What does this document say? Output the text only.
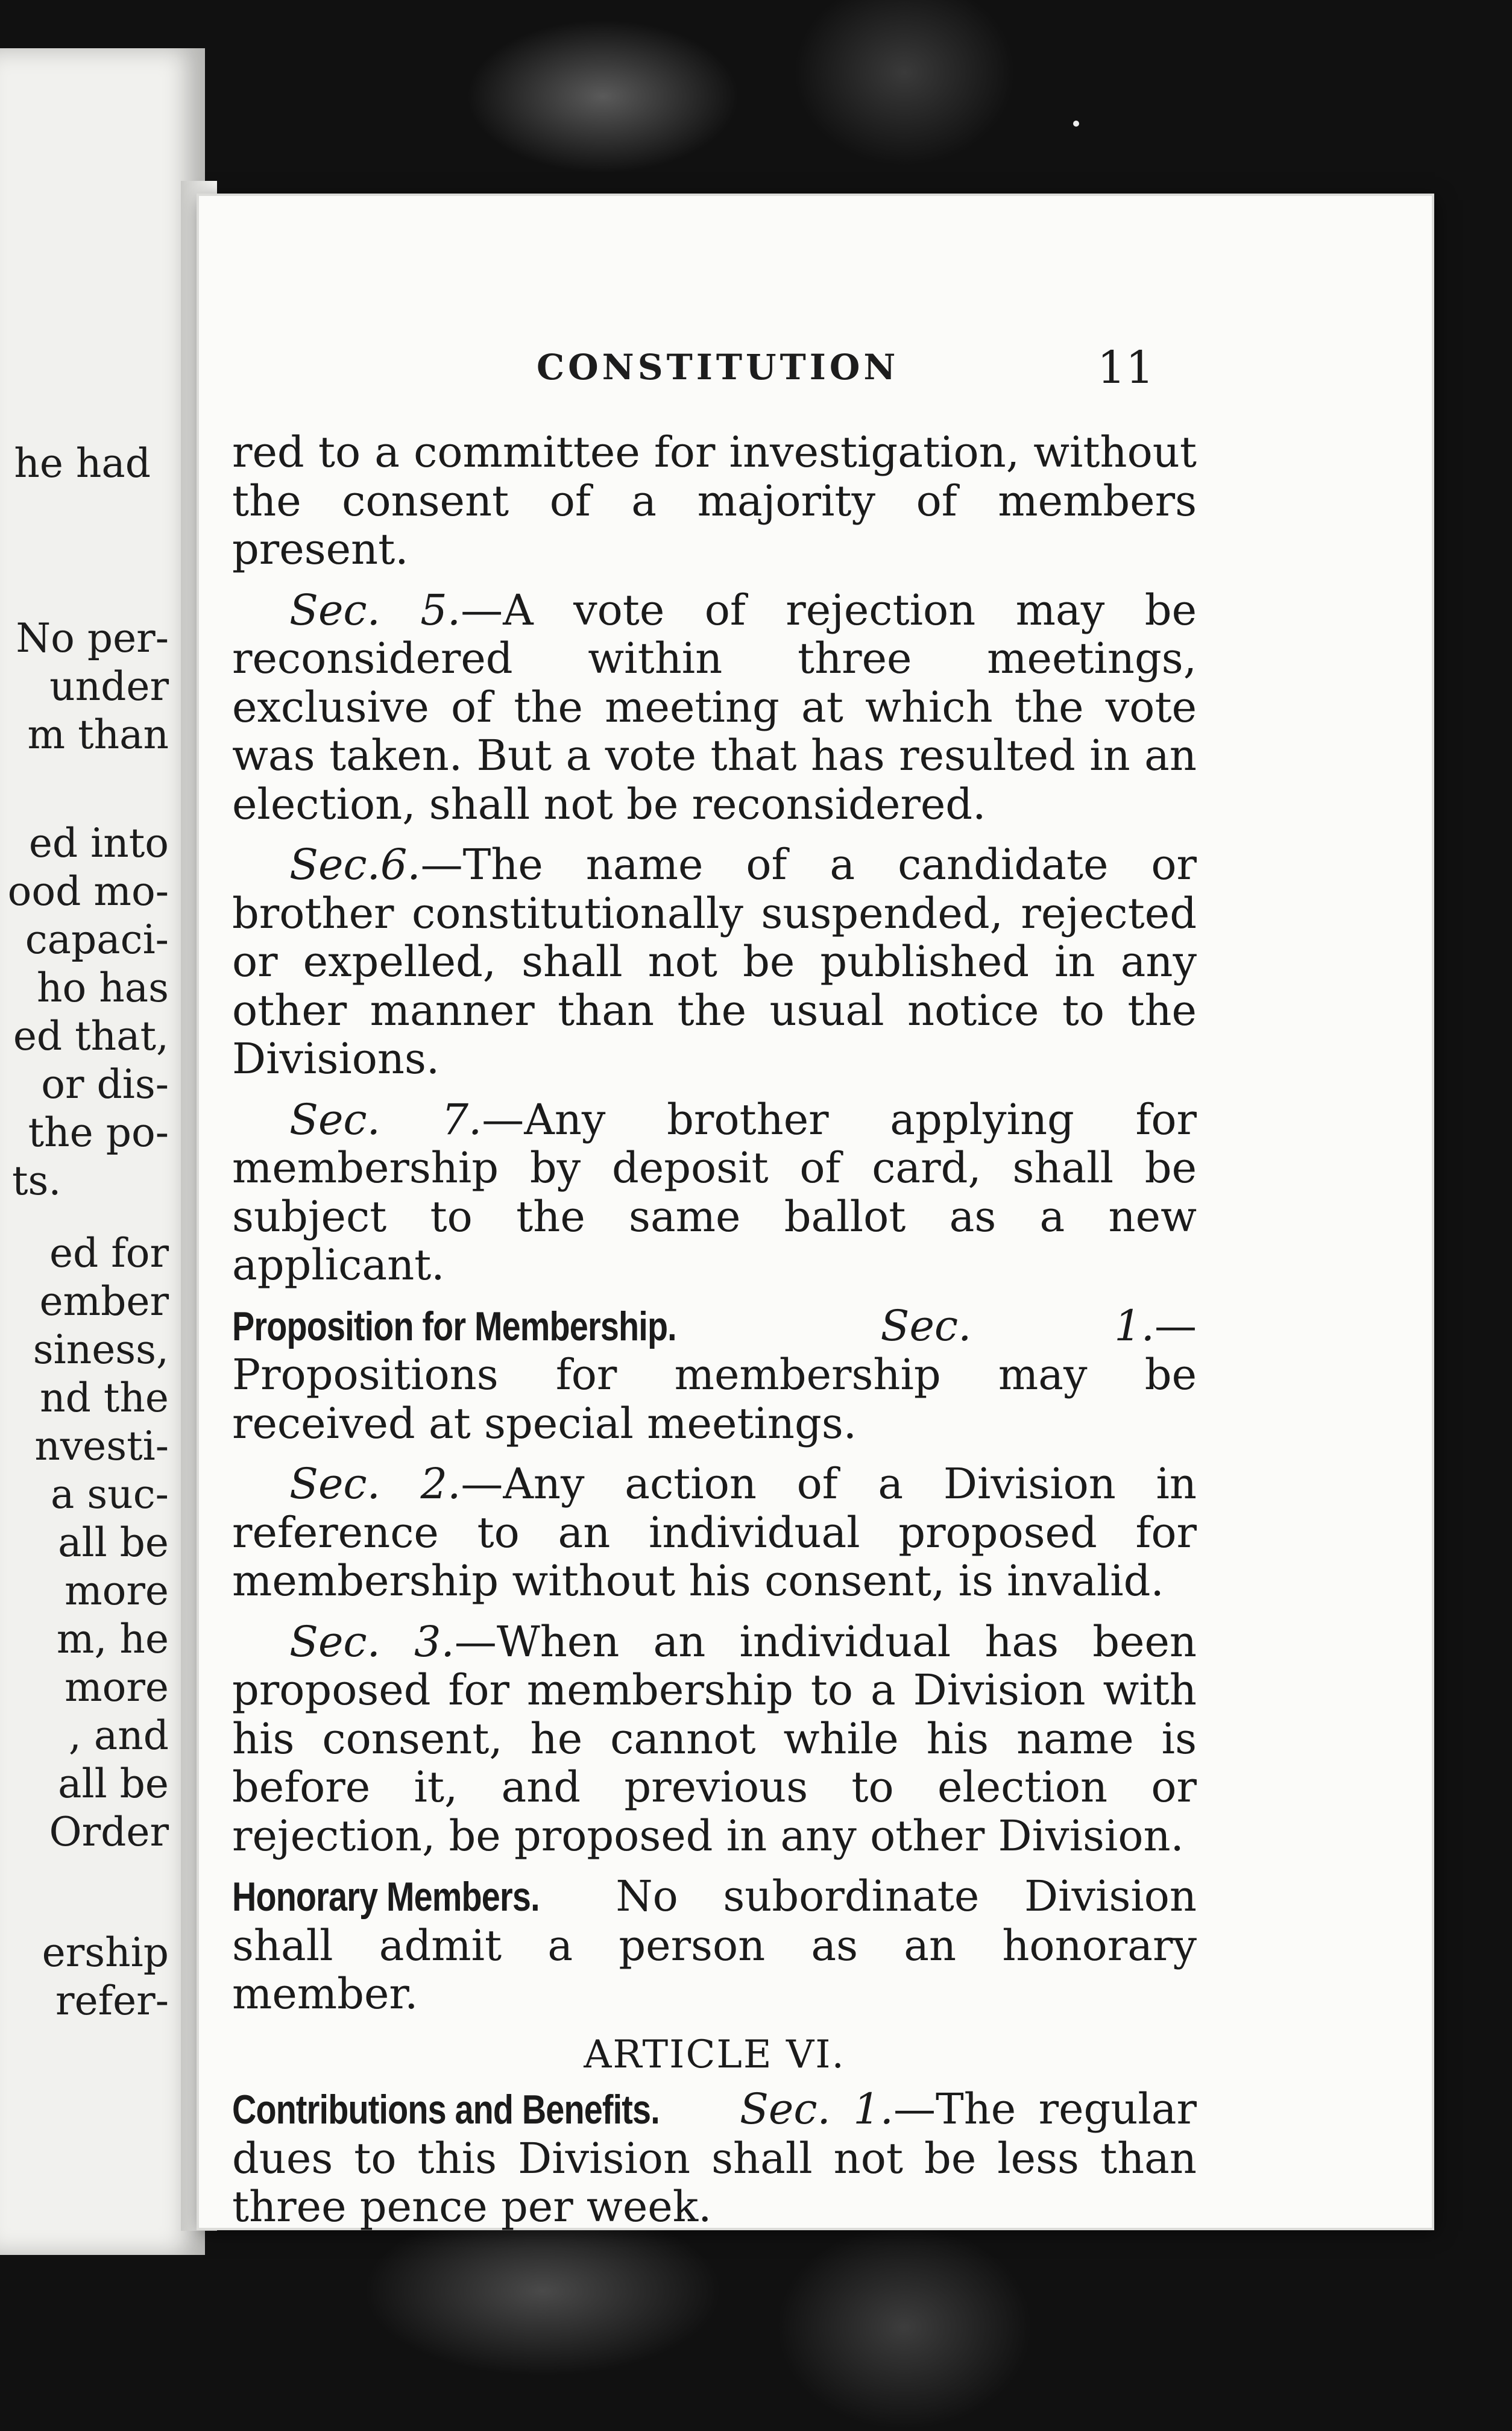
he had
No per-
under
m than
ed into
ood mo-
capaci-
ho has
ed that,
or dis-
the po-
ts.
ed for
ember
siness,
nd the
nvesti-
a suc-
all be
more
m, he
more
, and
all be
Order
ership
refer-
CONSTITUTION	11

red to a committee for investigation, without the consent of a majority of members present.

Sec. 5.—A vote of rejection may be reconsidered within three meetings, exclusive of the meeting at which the vote was taken. But a vote that has resulted in an election, shall not be reconsidered.

Sec.6.—The name of a candidate or brother constitutionally suspended, rejected or expelled, shall not be published in any other manner than the usual notice to the Divisions.

Sec. 7.—Any brother applying for membership by deposit of card, shall be subject to the same ballot as a new applicant.

Proposition for Membership.	Sec. 1.—Propositions for membership may be received at special meetings.

Sec. 2.—Any action of a Division in reference to an individual proposed for membership without his consent, is invalid.

Sec. 3.—When an individual has been proposed for membership to a Division with his consent, he cannot while his name is before it, and previous to election or rejection, be proposed in any other Division.

Honorary Members. No subordinate Division shall admit a person as an honorary member.

ARTICLE VI.

Contributions and Benefits. Sec. 1.—The regular dues to this Division shall not be less than three pence per week.
